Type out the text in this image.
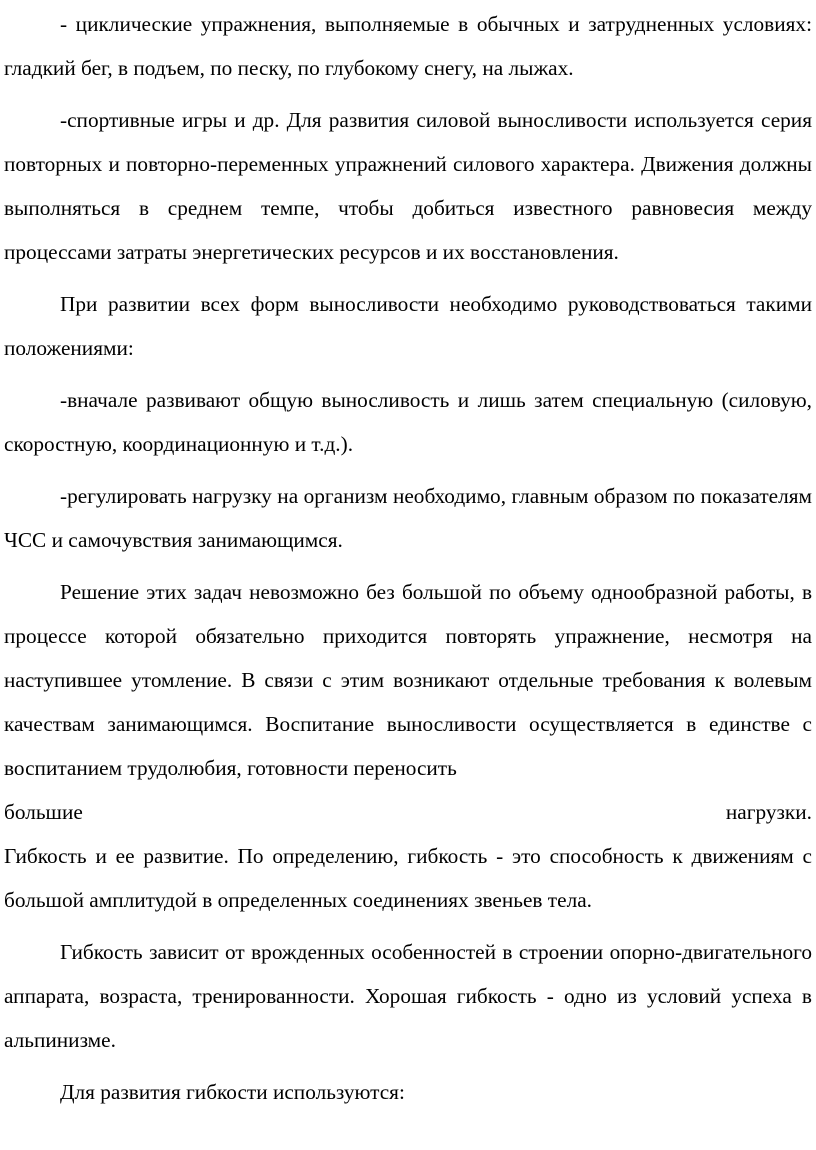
- циклические упражнения, выполняемые в обычных и затрудненных условиях: гладкий бег, в подъем, по песку, по глубокому снегу, на лыжах.

-спортивные игры и др. Для развития силовой выносливости используется серия повторных и повторно-переменных упражнений силового характера. Движения должны выполняться в среднем темпе, чтобы добиться известного равновесия между процессами затраты энергетических ресурсов и их восстановления.

При развитии всех форм выносливости необходимо руководствоваться такими положениями:

-вначале развивают общую выносливость и лишь затем специальную (силовую, скоростную, координационную и т.д.).

-регулировать нагрузку на организм необходимо, главным образом по показателям ЧСС и самочувствия занимающимся.

Решение этих задач невозможно без большой по объему однообразной работы, в процессе которой обязательно приходится повторять упражнение, несмотря на наступившее утомление. В связи с этим возникают отдельные требования к волевым качествам занимающимся. Воспитание выносливости осуществляется в единстве с воспитанием трудолюбия, готовности переносить

большие	нагрузки.

Гибкость и ее развитие. По определению, гибкость - это способность к движениям с большой амплитудой в определенных соединениях звеньев тела.

Гибкость зависит от врожденных особенностей в строении опорно-двигательного аппарата, возраста, тренированности. Хорошая гибкость - одно из условий успеха в альпинизме.

Для развития гибкости используются:
